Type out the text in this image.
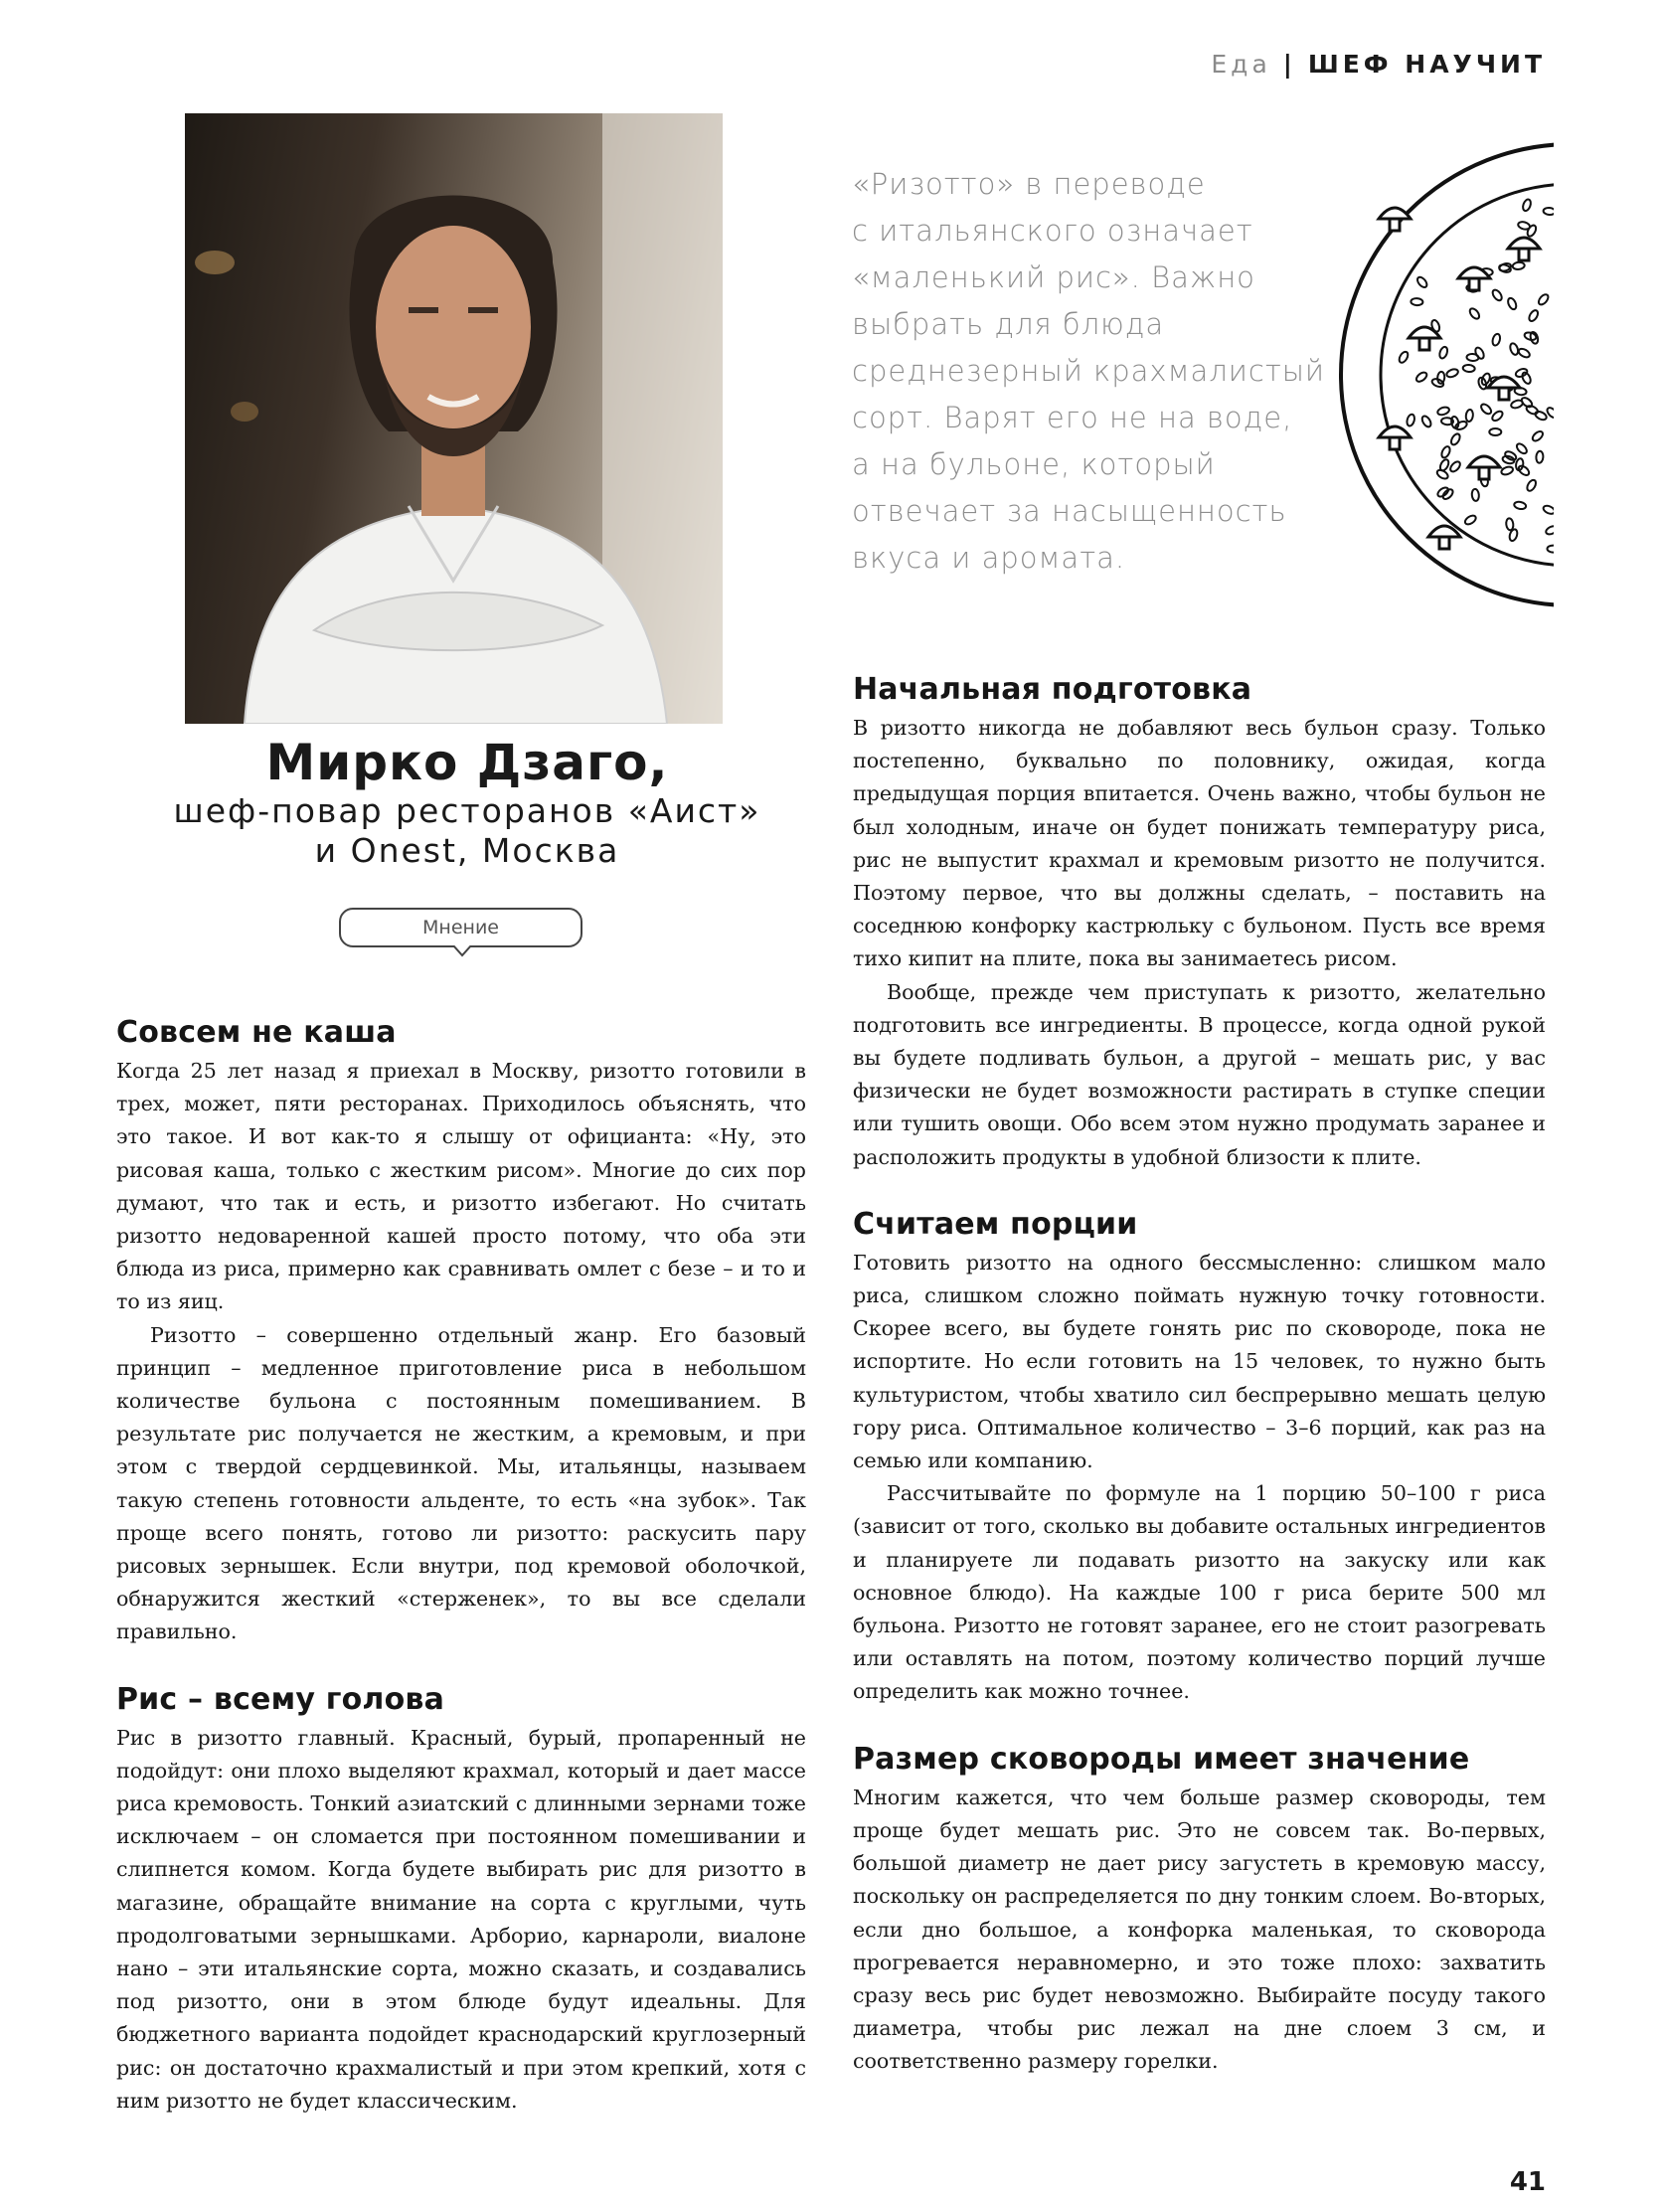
Еда | ШЕФ НАУЧИТ
Мирко Дзаго,
шеф-повар ресторанов «Аист»
и Onest, Москва
Мнение

«Ризотто» в переводе

с итальянского означает

«маленький рис». Важно

выбрать для блюда

среднезерный крахмалистый

сорт. Варят его не на воде,

а на бульоне, который

отвечает за насыщенность

вкуса и аромата.

Совсем не каша

Когда 25 лет назад я приехал в Москву, ризотто готовили в трех, может, пяти ресторанах. Приходилось объяснять, что это такое. И вот как-то я слышу от официанта: «Ну, это рисовая каша, только с жестким рисом». Многие до сих пор думают, что так и есть, и ризотто избегают. Но считать ризотто недоваренной кашей просто потому, что оба эти блюда из риса, примерно как сравнивать омлет с безе – и то и то из яиц.

Ризотто – совершенно отдельный жанр. Его базовый принцип – медленное приготовление риса в небольшом количестве бульона с постоянным помешиванием. В результате рис получается не жестким, а кремовым, и при этом с твердой сердцевинкой. Мы, итальянцы, называем такую степень готовности альденте, то есть «на зубок». Так проще всего понять, готово ли ризотто: раскусить пару рисовых зернышек. Если внутри, под кремовой оболочкой, обнаружится жесткий «стерженек», то вы все сделали правильно.

Рис – всему голова

Рис в ризотто главный. Красный, бурый, пропаренный не подойдут: они плохо выделяют крахмал, который и дает массе риса кремовость. Тонкий азиатский с длинными зернами тоже исключаем – он сломается при постоянном помешивании и слипнется комом. Когда будете выбирать рис для ризотто в магазине, обращайте внимание на сорта с круглыми, чуть продолговатыми зернышками. Арборио, карнароли, виалоне нано – эти итальянские сорта, можно сказать, и создавались под ризотто, они в этом блюде будут идеальны. Для бюджетного варианта подойдет краснодарский круглозерный рис: он достаточно крахмалистый и при этом крепкий, хотя с ним ризотто не будет классическим.

Начальная подготовка

В ризотто никогда не добавляют весь бульон сразу. Только постепенно, буквально по половнику, ожидая, когда предыдущая порция впитается. Очень важно, чтобы бульон не был холодным, иначе он будет понижать температуру риса, рис не выпустит крахмал и кремовым ризотто не получится. Поэтому первое, что вы должны сделать, – поставить на соседнюю конфорку кастрюльку с бульоном. Пусть все время тихо кипит на плите, пока вы занимаетесь рисом.

Вообще, прежде чем приступать к ризотто, желательно подготовить все ингредиенты. В процессе, когда одной рукой вы будете подливать бульон, а другой – мешать рис, у вас физически не будет возможности растирать в ступке специи или тушить овощи. Обо всем этом нужно продумать заранее и расположить продукты в удобной близости к плите.

Считаем порции

Готовить ризотто на одного бессмысленно: слишком мало риса, слишком сложно поймать нужную точку готовности. Скорее всего, вы будете гонять рис по сковороде, пока не испортите. Но если готовить на 15 человек, то нужно быть культуристом, чтобы хватило сил беспрерывно мешать целую гору риса. Оптимальное количество – 3–6 порций, как раз на семью или компанию.

Рассчитывайте по формуле на 1 порцию 50–100 г риса (зависит от того, сколько вы добавите остальных ингредиентов и планируете ли подавать ризотто на закуску или как основное блюдо). На каждые 100 г риса берите 500 мл бульона. Ризотто не готовят заранее, его не стоит разогревать или оставлять на потом, поэтому количество порций лучше определить как можно точнее.

Размер сковороды имеет значение

Многим кажется, что чем больше размер сковороды, тем проще будет мешать рис. Это не совсем так. Во-первых, большой диаметр не дает рису загустеть в кремовую массу, поскольку он распределяется по дну тонким слоем. Во-вторых, если дно большое, а конфорка маленькая, то сковорода прогревается неравномерно, и это тоже плохо: захватить сразу весь рис будет невозможно. Выбирайте посуду такого диаметра, чтобы рис лежал на дне слоем 3 см, и соответственно размеру горелки.

41
